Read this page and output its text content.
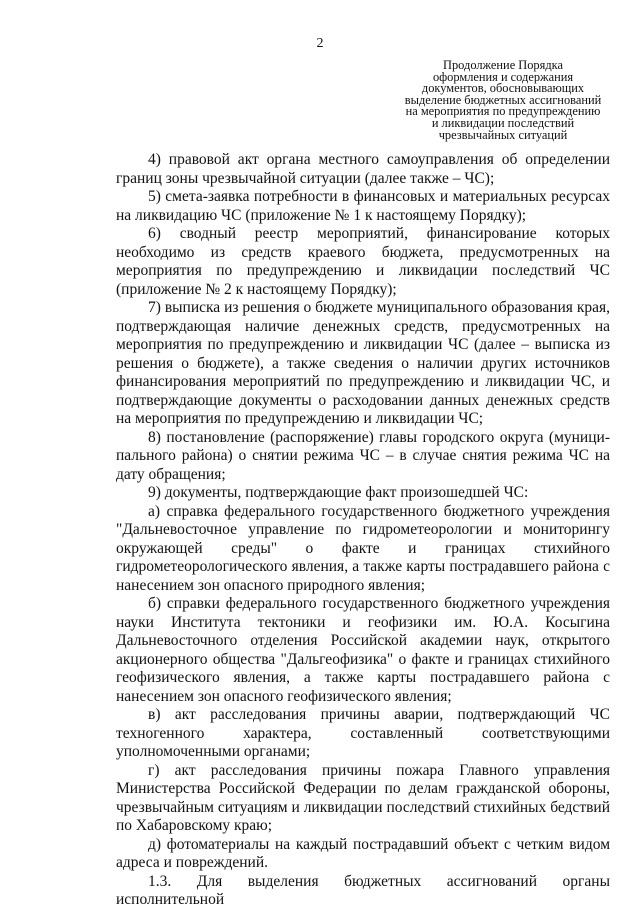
2
Продолжение Порядка
оформления и содержания
документов, обосновывающих
выделение бюджетных ассигнований
на мероприятия по предупреждению
и ликвидации последствий
чрезвычайных ситуаций

4) правовой акт органа местного самоуправления об определении границ зоны чрезвычайной ситуации (далее также – ЧС);

5) смета-заявка потребности в финансовых и материальных ресурсах на ликвидацию ЧС (приложение № 1 к настоящему Порядку);

6) сводный реестр мероприятий, финансирование которых необходимо из средств краевого бюджета, предусмотренных на мероприятия по предупреждению и ликвидации последствий ЧС (приложение № 2 к настоящему Порядку);

7) выписка из решения о бюджете муниципального образования края, подтверждающая наличие денежных средств, предусмотренных на мероприятия по предупреждению и ликвидации ЧС (далее – выписка из решения о бюджете), а также сведения о наличии других источников финансирования мероприятий по предупреждению и ликвидации ЧС, и подтверждающие документы о расходовании данных денежных средств на мероприятия по предупреждению и ликвидации ЧС;

8) постановление (распоряжение) главы городского округа (муниципального района) о снятии режима ЧС – в случае снятия режима ЧС на дату обращения;

9) документы, подтверждающие факт произошедшей ЧС:

а) справка федерального государственного бюджетного учреждения "Дальневосточное управление по гидрометеорологии и мониторингу окружающей среды" о факте и границах стихийного гидрометеорологического явления, а также карты пострадавшего района с нанесением зон опасного природного явления;

б) справки федерального государственного бюджетного учреждения науки Института тектоники и геофизики им. Ю.А. Косыгина Дальневосточного отделения Российской академии наук, открытого акционерного общества "Дальгеофизика" о факте и границах стихийного геофизического явления, а также карты пострадавшего района с нанесением зон опасного геофизического явления;

в) акт расследования причины аварии, подтверждающий ЧС техногенного характера, составленный соответствующими уполномоченными органами;

г) акт расследования причины пожара Главного управления Министерства Российской Федерации по делам гражданской обороны, чрезвычайным ситуациям и ликвидации последствий стихийных бедствий по Хабаровскому краю;

д) фотоматериалы на каждый пострадавший объект с четким видом адреса и повреждений.

1.3. Для выделения бюджетных ассигнований органы исполнительной
